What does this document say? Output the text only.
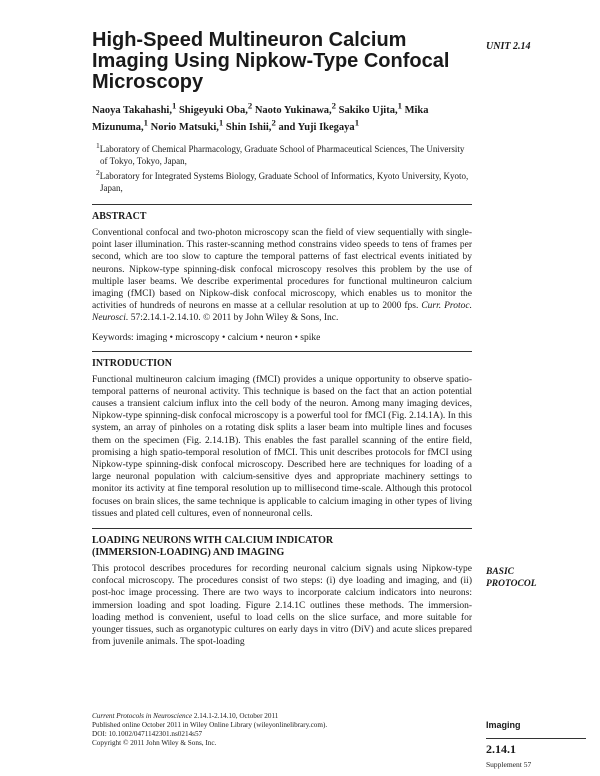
High-Speed Multineuron Calcium Imaging Using Nipkow-Type Confocal Microscopy
Naoya Takahashi,$^1$ Shigeyuki Oba,$^2$ Naoto Yukinawa,$^2$ Sakiko Ujita,$^1$ Mika Mizunuma,$^1$ Norio Matsuki,$^1$ Shin Ishii,$^2$ and Yuji Ikegaya$^1$
$^1$Laboratory of Chemical Pharmacology, Graduate School of Pharmaceutical Sciences, The University of Tokyo, Tokyo, Japan,
$^2$Laboratory for Integrated Systems Biology, Graduate School of Informatics, Kyoto University, Kyoto, Japan,
ABSTRACT

Conventional confocal and two-photon microscopy scan the field of view sequentially with single-point laser illumination. This raster-scanning method constrains video speeds to tens of frames per second, which are too slow to capture the temporal patterns of fast electrical events initiated by neurons. Nipkow-type spinning-disk confocal microscopy resolves this problem by the use of multiple laser beams. We describe experimental procedures for functional multineuron calcium imaging (fMCI) based on Nipkow-disk confocal microscopy, which enables us to monitor the activities of hundreds of neurons en masse at a cellular resolution at up to 2000 fps. Curr. Protoc. Neurosci. 57:2.14.1-2.14.10. © 2011 by John Wiley & Sons, Inc.

Keywords: imaging • microscopy • calcium • neuron • spike
INTRODUCTION

Functional multineuron calcium imaging (fMCI) provides a unique opportunity to observe spatio-temporal patterns of neuronal activity. This technique is based on the fact that an action potential causes a transient calcium influx into the cell body of the neuron. Among many imaging devices, Nipkow-type spinning-disk confocal microscopy is a powerful tool for fMCI (Fig. 2.14.1A). In this system, an array of pinholes on a rotating disk splits a laser beam into multiple lines and focuses them on the specimen (Fig. 2.14.1B). This enables the fast parallel scanning of the entire field, promising a high spatio-temporal resolution of fMCI. This unit describes protocols for fMCI using Nipkow-type spinning-disk confocal microscopy. Described here are techniques for loading of a large neuronal population with calcium-sensitive dyes and appropriate machinery settings to monitor its activity at fine temporal resolution up to millisecond time-scale. Although this protocol focuses on brain slices, the same technique is applicable to calcium imaging in other types of living tissues and plated cell cultures, even of nonneuronal cells.

LOADING NEURONS WITH CALCIUM INDICATOR
(IMMERSION-LOADING) AND IMAGING

This protocol describes procedures for recording neuronal calcium signals using Nipkow-type confocal microscopy. The procedures consist of two steps: (i) dye loading and imaging, and (ii) post-hoc image processing. There are two ways to incorporate calcium indicators into neurons: immersion loading and spot loading. Figure 2.14.1C outlines these methods. The immersion-loading method is convenient, useful to load cells on the slice surface, and more suitable for younger tissues, such as organotypic cultures on early days in vitro (DiV) and acute slices prepared from juvenile animals. The spot-loading

UNIT 2.14
BASIC
PROTOCOL
Current Protocols in Neuroscience 2.14.1-2.14.10, October 2011
Published online October 2011 in Wiley Online Library (wileyonlinelibrary.com).
DOI: 10.1002/0471142301.ns0214s57
Copyright © 2011 John Wiley & Sons, Inc.
Imaging
2.14.1
Supplement 57
